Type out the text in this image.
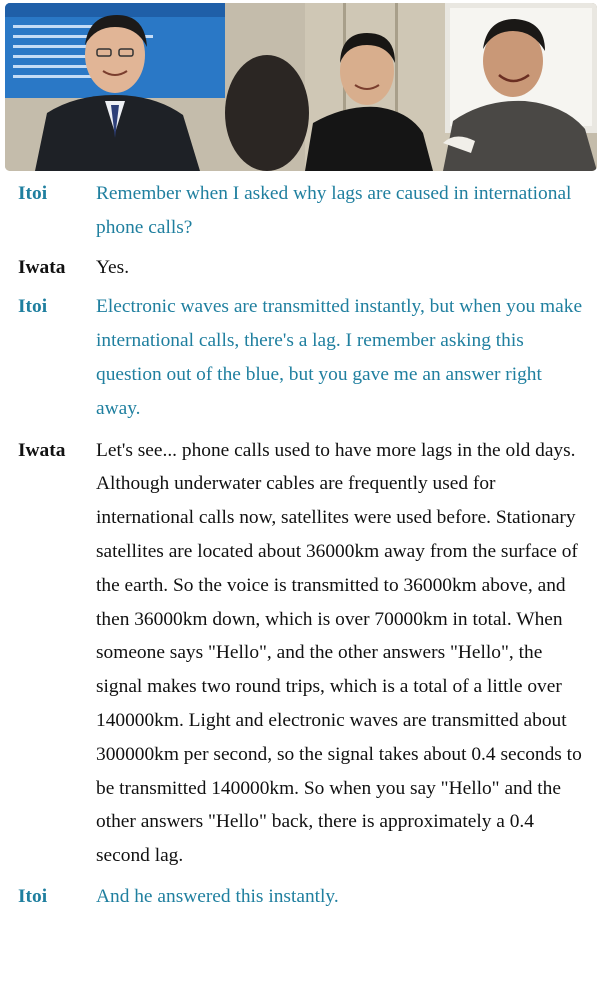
Itoi	Remember when I asked why lags are caused in international phone calls?
Iwata	Yes.
Itoi	Electronic waves are transmitted instantly, but when you make international calls, there's a lag. I remember asking this question out of the blue, but you gave me an answer right away.
Iwata	Let's see... phone calls used to have more lags in the old days. Although underwater cables are frequently used for international calls now, satellites were used before. Stationary satellites are located about 36000km away from the surface of the earth. So the voice is transmitted to 36000km above, and then 36000km down, which is over 70000km in total. When someone says "Hello", and the other answers "Hello", the signal makes two round trips, which is a total of a little over 140000km. Light and electronic waves are transmitted about 300000km per second, so the signal takes about 0.4 seconds to be transmitted 140000km. So when you say "Hello" and the other answers "Hello" back, there is approximately a 0.4 second lag.
Itoi	And he answered this instantly.
